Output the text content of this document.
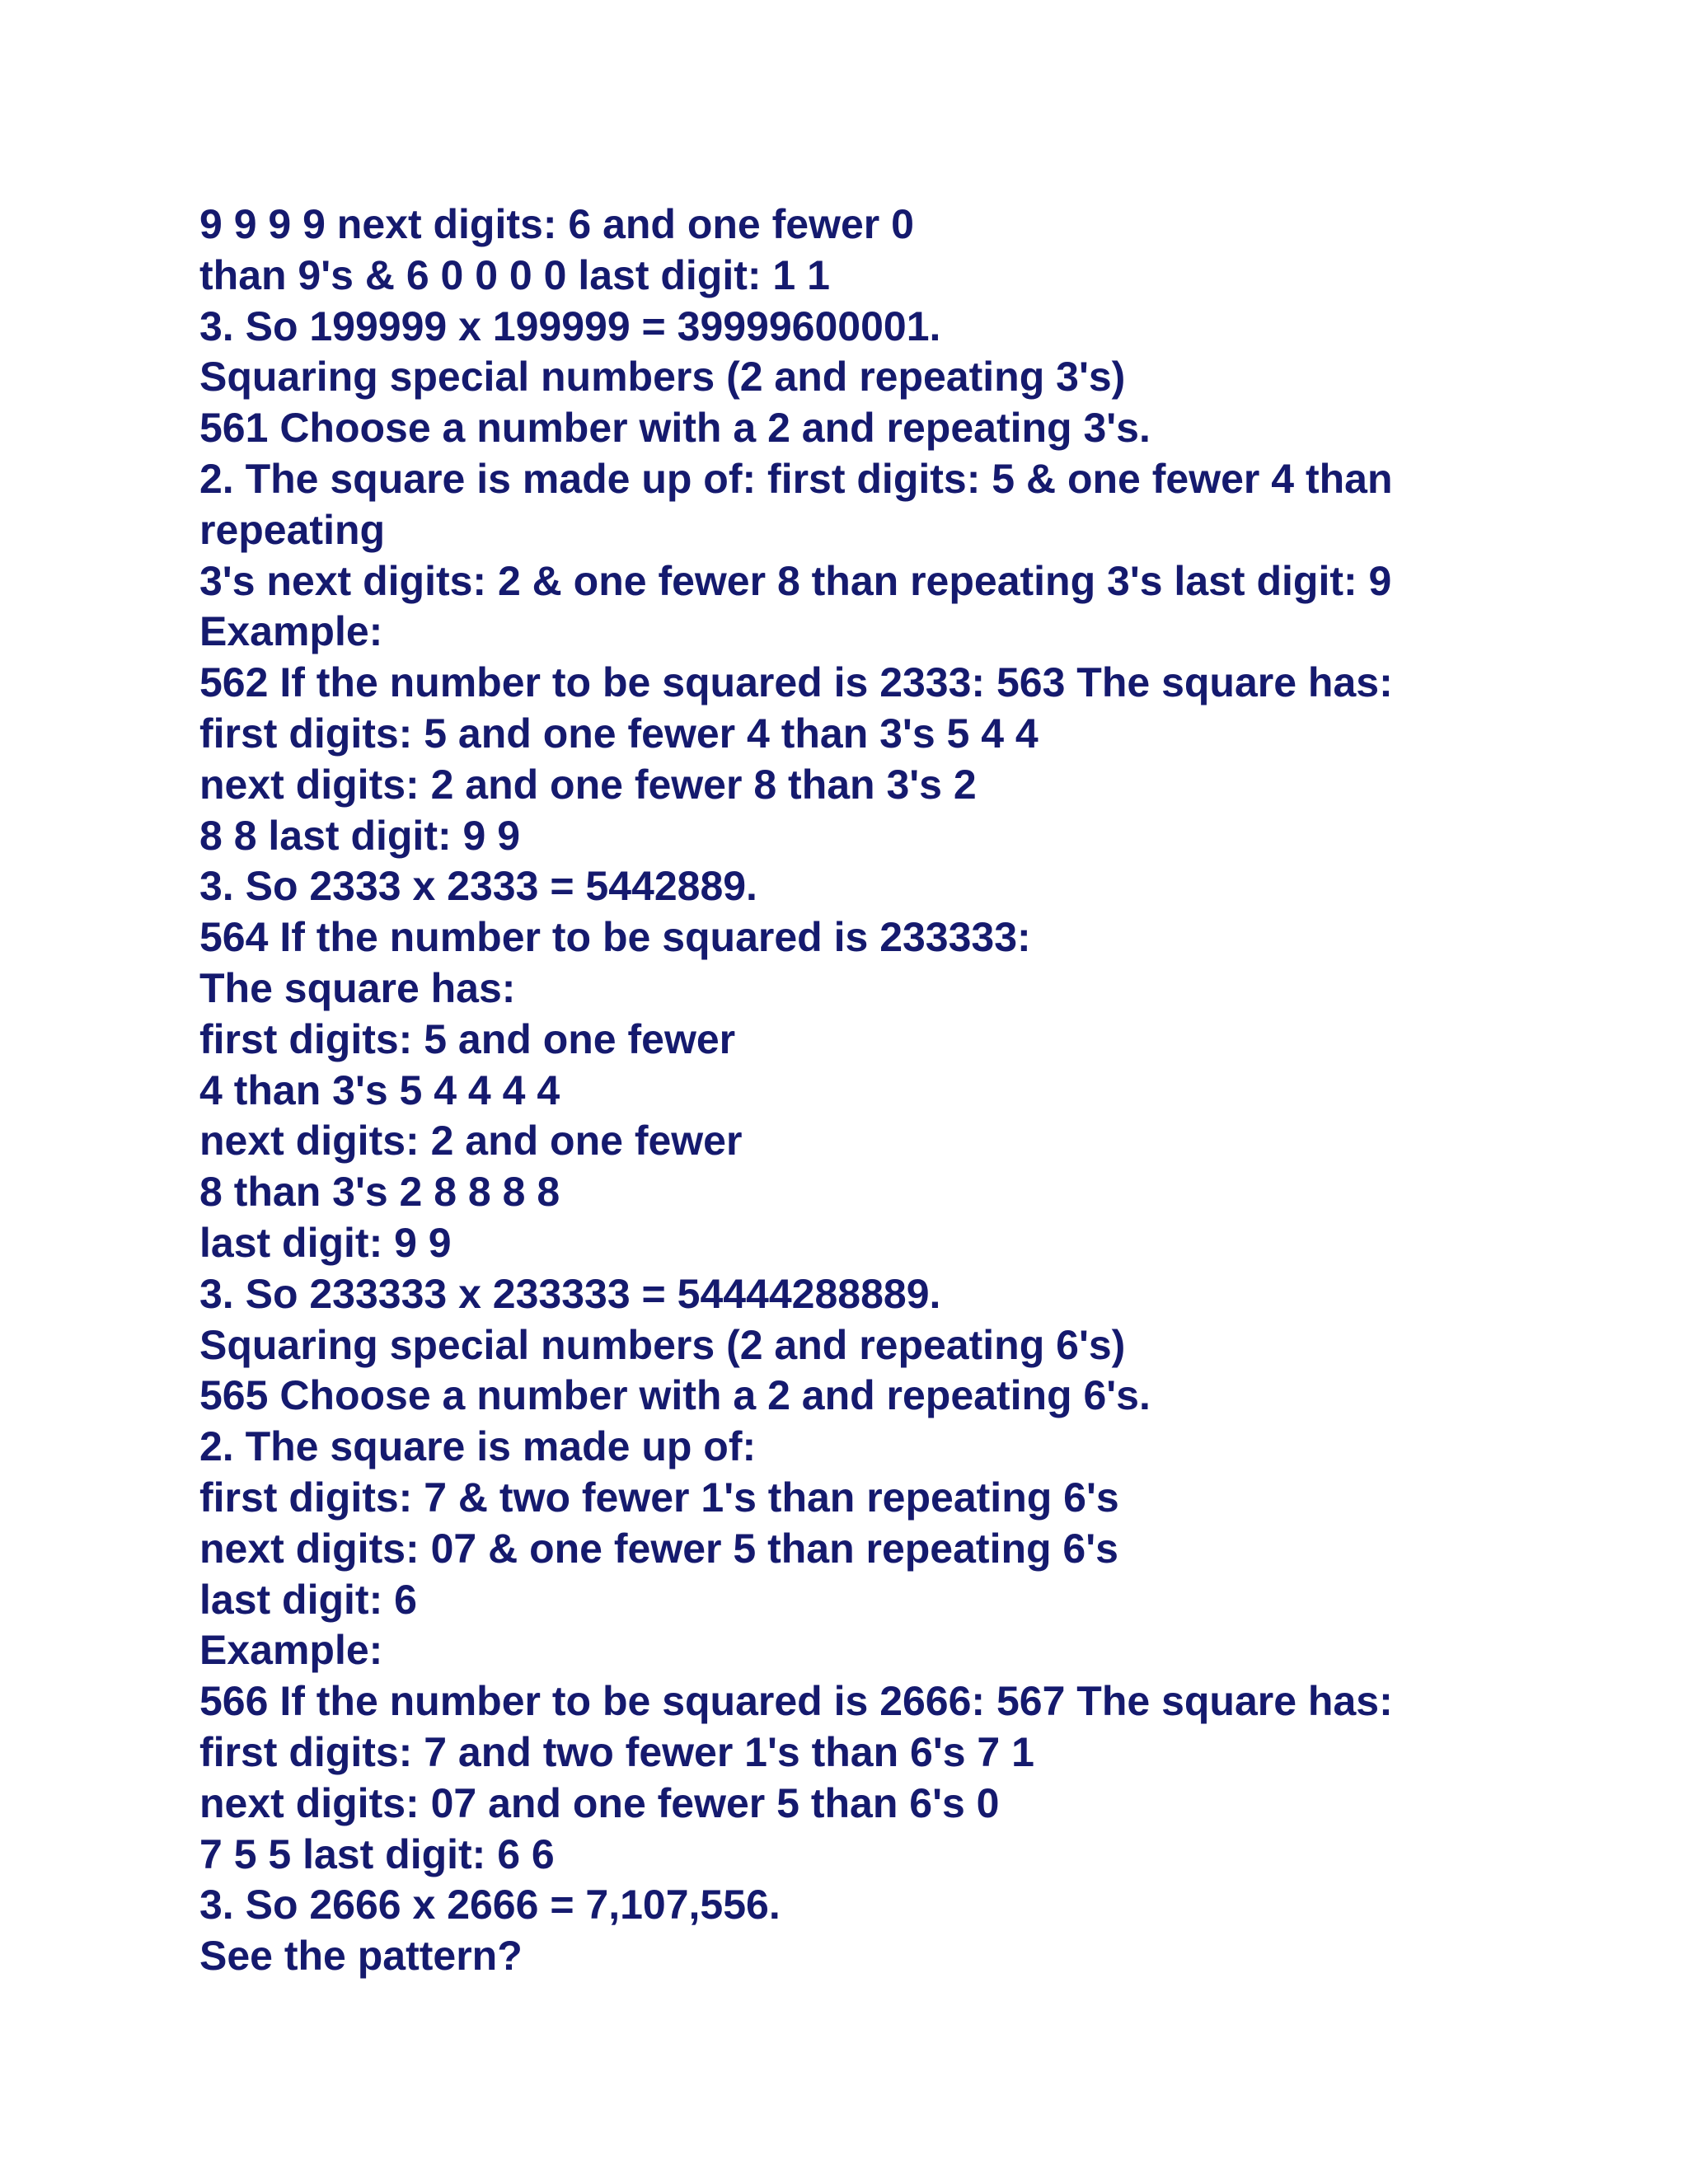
9 9 9 9 next digits: 6 and one fewer 0
than 9's & 6 0 0 0 0 last digit: 1 1
3. So 199999 x 199999 = 39999600001.
Squaring special numbers (2 and repeating 3's)
561 Choose a number with a 2 and repeating 3's.
2. The square is made up of: first digits: 5 & one fewer 4 than
repeating
3's next digits: 2 & one fewer 8 than repeating 3's last digit: 9
Example:
562 If the number to be squared is 2333: 563 The square has:
first digits: 5 and one fewer 4 than 3's 5 4 4
next digits: 2 and one fewer 8 than 3's 2
8 8 last digit: 9 9
3. So 2333 x 2333 = 5442889.
564 If the number to be squared is 233333:
The square has:
first digits: 5 and one fewer
4 than 3's 5 4 4 4 4
next digits: 2 and one fewer
8 than 3's 2 8 8 8 8
last digit: 9 9
3. So 233333 x 233333 = 54444288889.
Squaring special numbers (2 and repeating 6's)
565 Choose a number with a 2 and repeating 6's.
2. The square is made up of:
first digits: 7 & two fewer 1's than repeating 6's
next digits: 07 & one fewer 5 than repeating 6's
last digit: 6
Example:
566 If the number to be squared is 2666: 567 The square has:
first digits: 7 and two fewer 1's than 6's 7 1
next digits: 07 and one fewer 5 than 6's 0
7 5 5 last digit: 6 6
3. So 2666 x 2666 = 7,107,556.
See the pattern?
